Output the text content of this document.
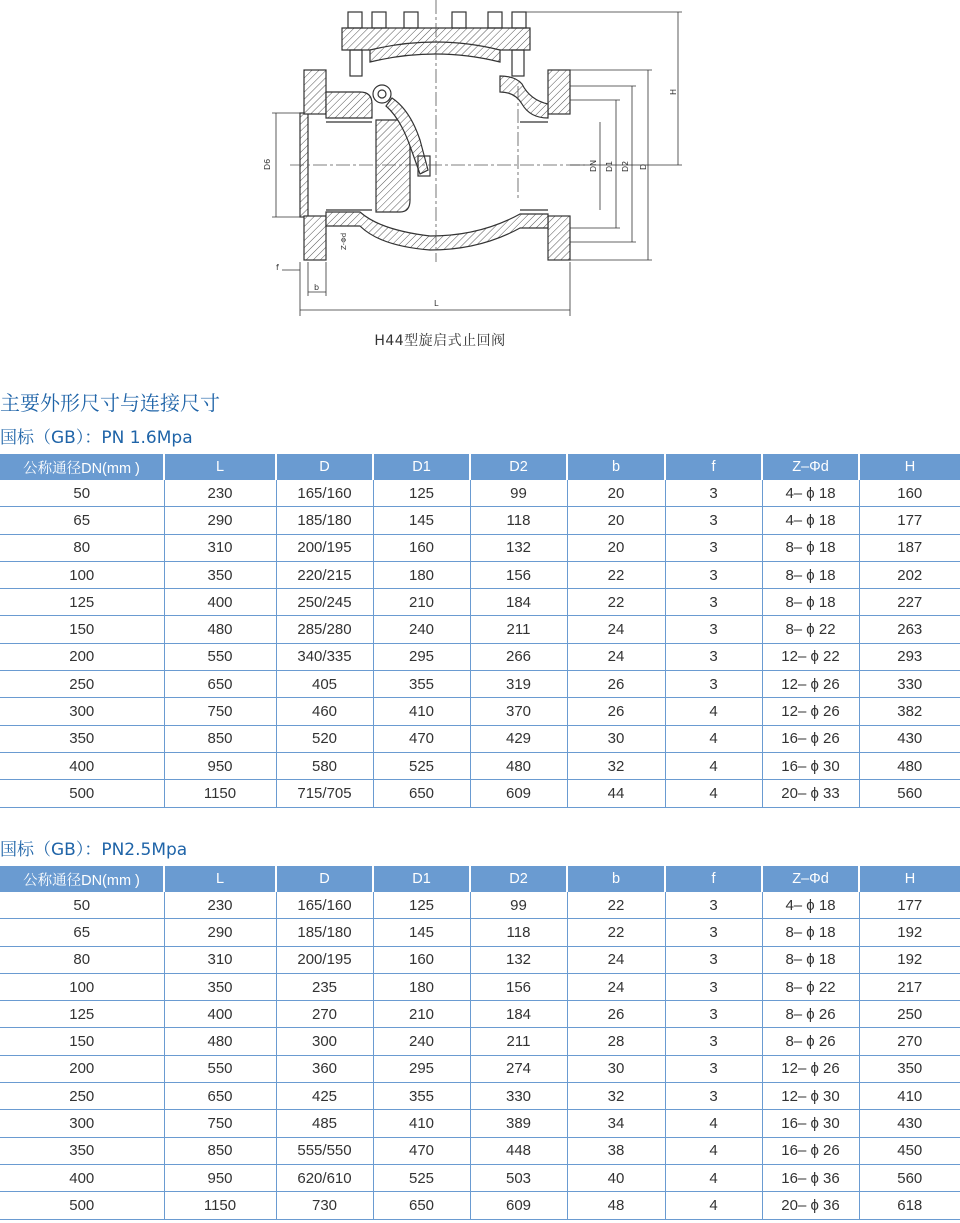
D6
H
DN D1 D2 D
L
f
b
Z-Φd
H44型旋启式止回阀
主要外形尺寸与连接尺寸
国标（GB）：PN 1.6Mpa
公称通径DN(mm )	L	D	D1	D2	b	f	Z–Φd	H
50	230	165/160	125	99	20	3	4– ϕ 18	160
65	290	185/180	145	118	20	3	4– ϕ 18	177
80	310	200/195	160	132	20	3	8– ϕ 18	187
100	350	220/215	180	156	22	3	8– ϕ 18	202
125	400	250/245	210	184	22	3	8– ϕ 18	227
150	480	285/280	240	211	24	3	8– ϕ 22	263
200	550	340/335	295	266	24	3	12– ϕ 22	293
250	650	405	355	319	26	3	12– ϕ 26	330
300	750	460	410	370	26	4	12– ϕ 26	382
350	850	520	470	429	30	4	16– ϕ 26	430
400	950	580	525	480	32	4	16– ϕ 30	480
500	1150	715/705	650	609	44	4	20– ϕ 33	560
国标（GB）：PN2.5Mpa
公称通径DN(mm )	L	D	D1	D2	b	f	Z–Φd	H
50	230	165/160	125	99	22	3	4– ϕ 18	177
65	290	185/180	145	118	22	3	8– ϕ 18	192
80	310	200/195	160	132	24	3	8– ϕ 18	192
100	350	235	180	156	24	3	8– ϕ 22	217
125	400	270	210	184	26	3	8– ϕ 26	250
150	480	300	240	211	28	3	8– ϕ 26	270
200	550	360	295	274	30	3	12– ϕ 26	350
250	650	425	355	330	32	3	12– ϕ 30	410
300	750	485	410	389	34	4	16– ϕ 30	430
350	850	555/550	470	448	38	4	16– ϕ 26	450
400	950	620/610	525	503	40	4	16– ϕ 36	560
500	1150	730	650	609	48	4	20– ϕ 36	618
